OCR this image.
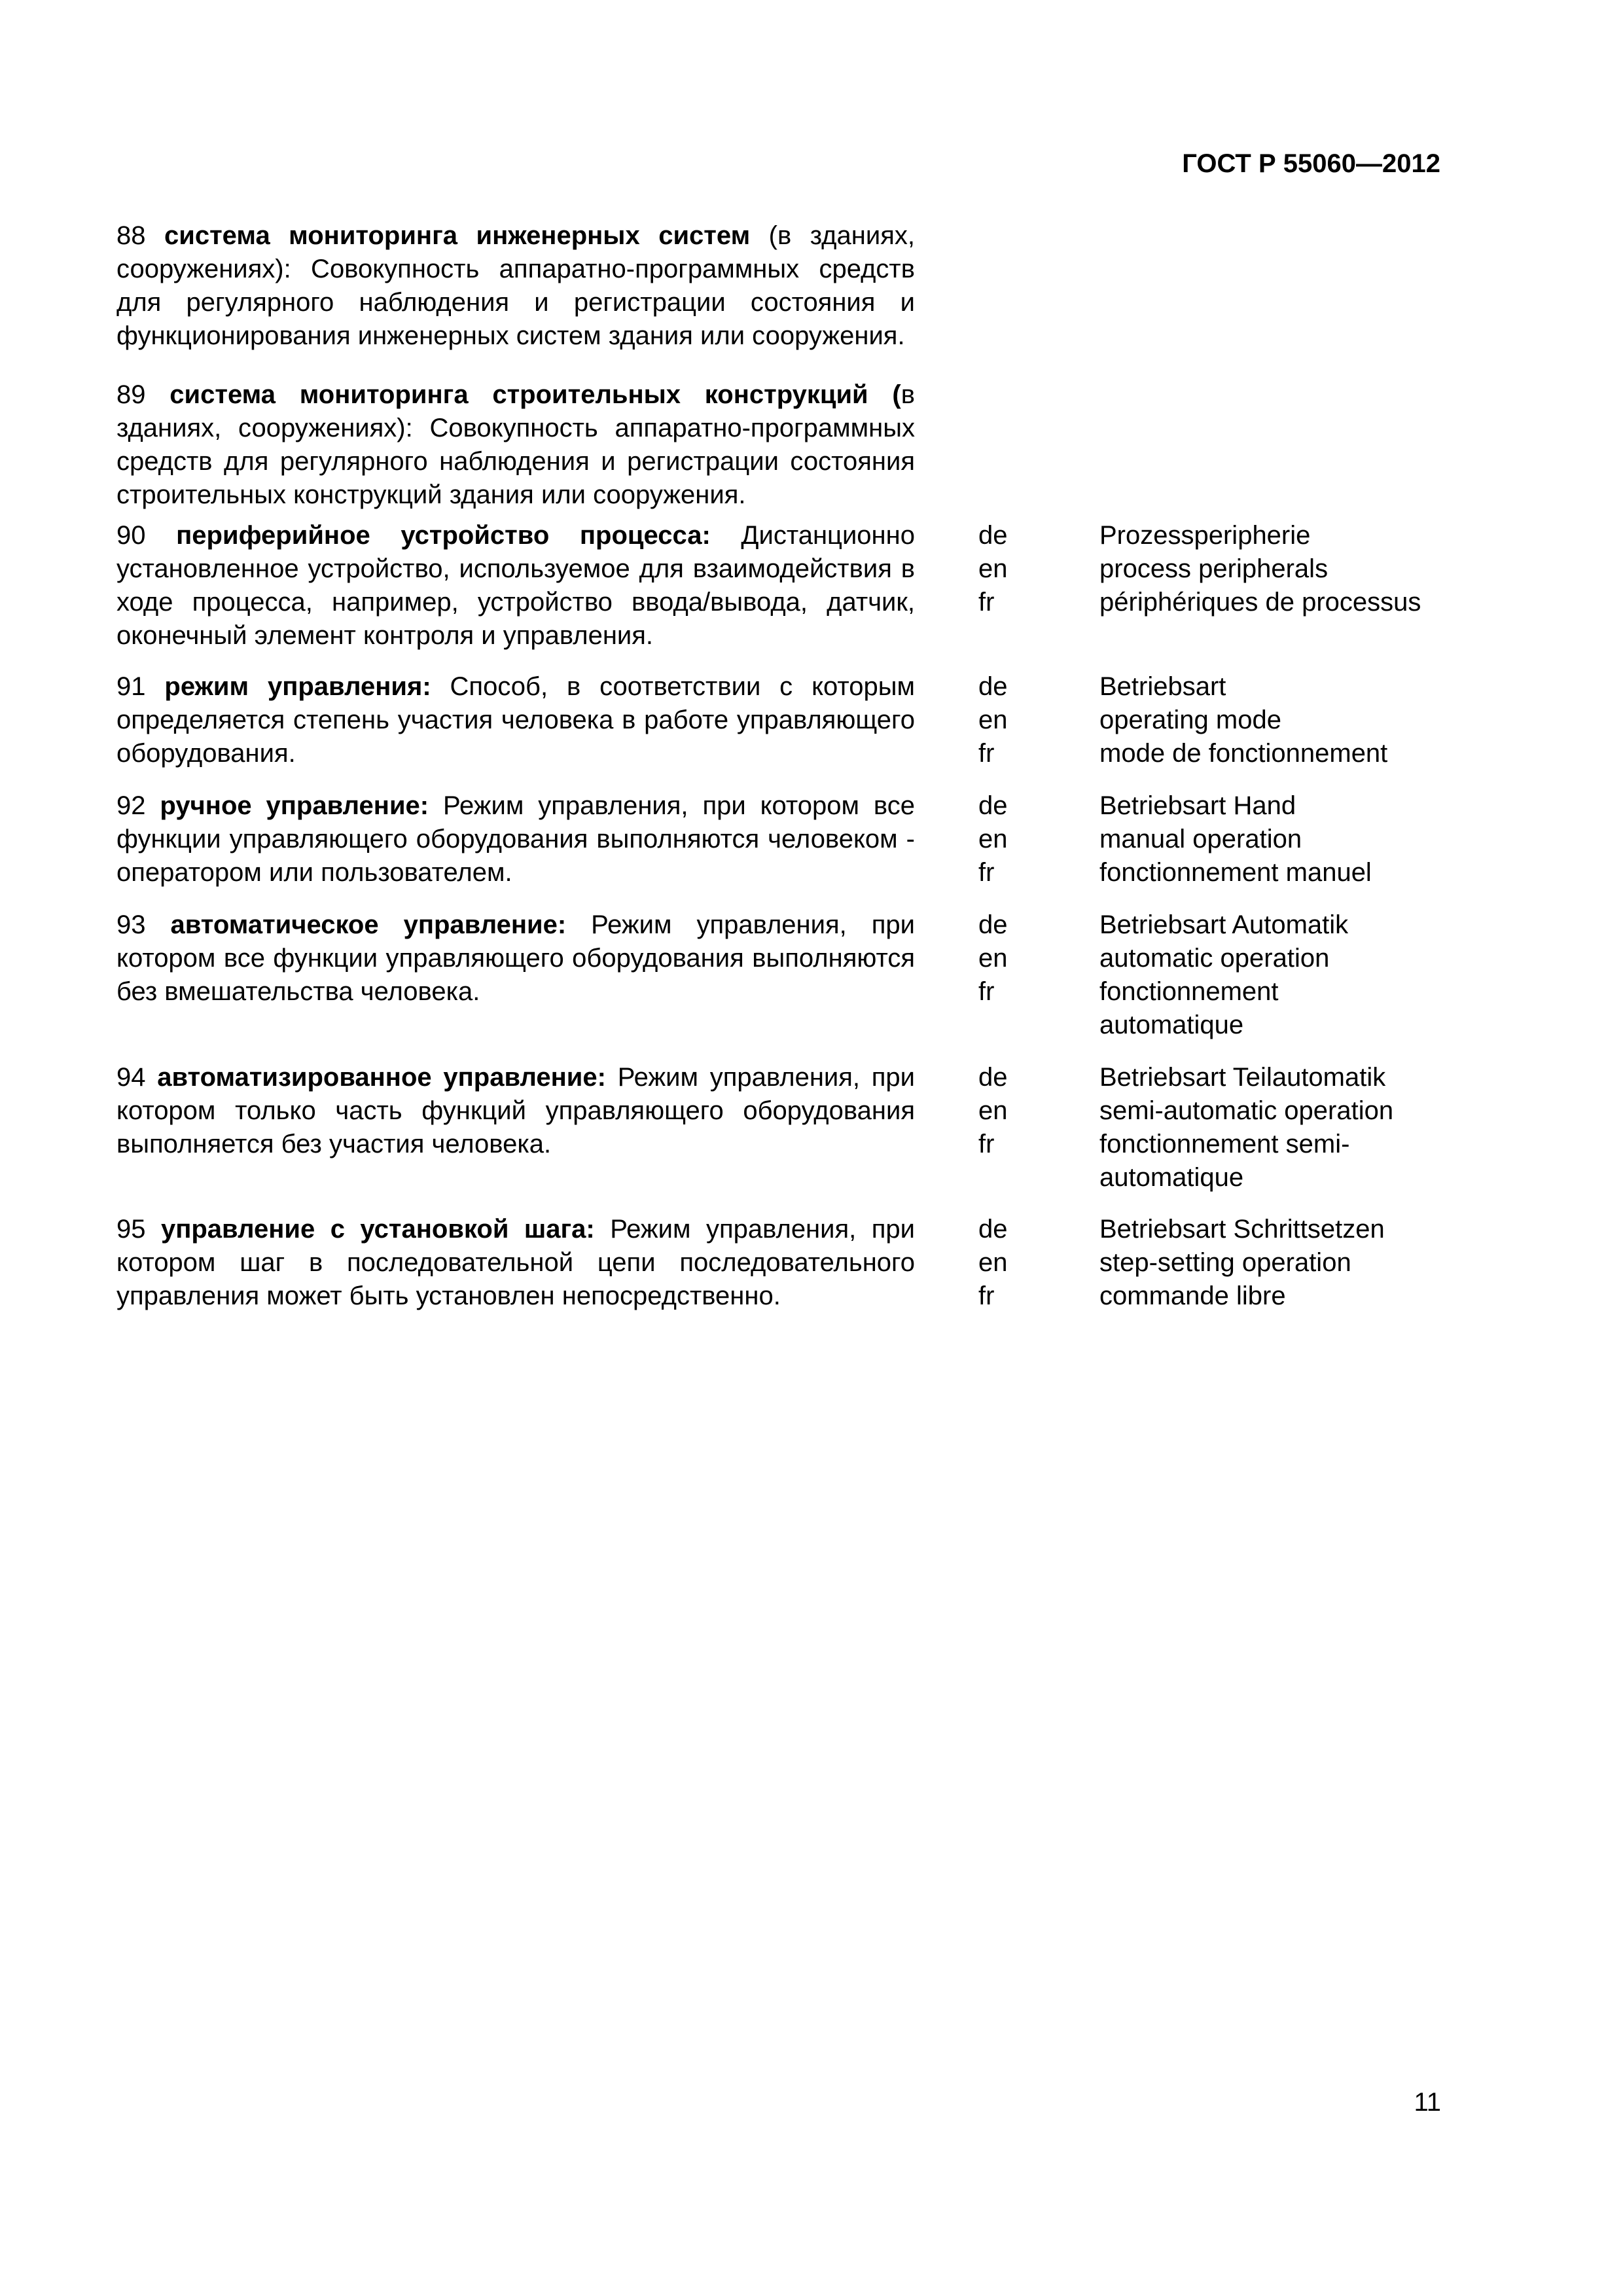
ГОСТ Р 55060—2012
88 система мониторинга инженерных систем (в зданиях, сооружениях): Совокупность аппаратно-программных средств для регулярного наблюдения и регистрации состояния и функционирования инженерных систем здания или сооружения.
89 система мониторинга строительных конструкций (в зданиях, сооружениях): Совокупность аппаратно-программных средств для регулярного наблюдения и регистрации состояния строительных конструкций здания или сооружения.
90 периферийное устройство процесса: Дистанционно установленное устройство, используемое для взаимодействия в ходе процесса, например, устройство ввода/вывода, датчик, оконечный элемент контроля и управления.
de
en
fr
Prozessperipherie
process peripherals
périphériques de processus
91 режим управления: Способ, в соответствии с которым определяется степень участия человека в работе управляющего оборудования.
de
en
fr
Betriebsart
operating mode
mode de fonctionnement
92 ручное управление: Режим управления, при котором все функции управляющего оборудования выполняются человеком - оператором или пользователем.
de
en
fr
Betriebsart Hand
manual operation
fonctionnement manuel
93 автоматическое управление: Режим управления, при котором все функции управляющего оборудования выполняются без вмешательства человека.
de
en
fr
Betriebsart Automatik
automatic operation
fonctionnement automatique
94 автоматизированное управление: Режим управления, при котором только часть функций управляющего оборудования выполняется без участия человека.
de
en
fr
Betriebsart Teilautomatik
semi-automatic operation
fonctionnement semi-automatique
95 управление с установкой шага: Режим управления, при котором шаг в последовательной цепи последовательного управления может быть установлен непосредственно.
de
en
fr
Betriebsart Schrittsetzen
step-setting operation
commande libre
11
